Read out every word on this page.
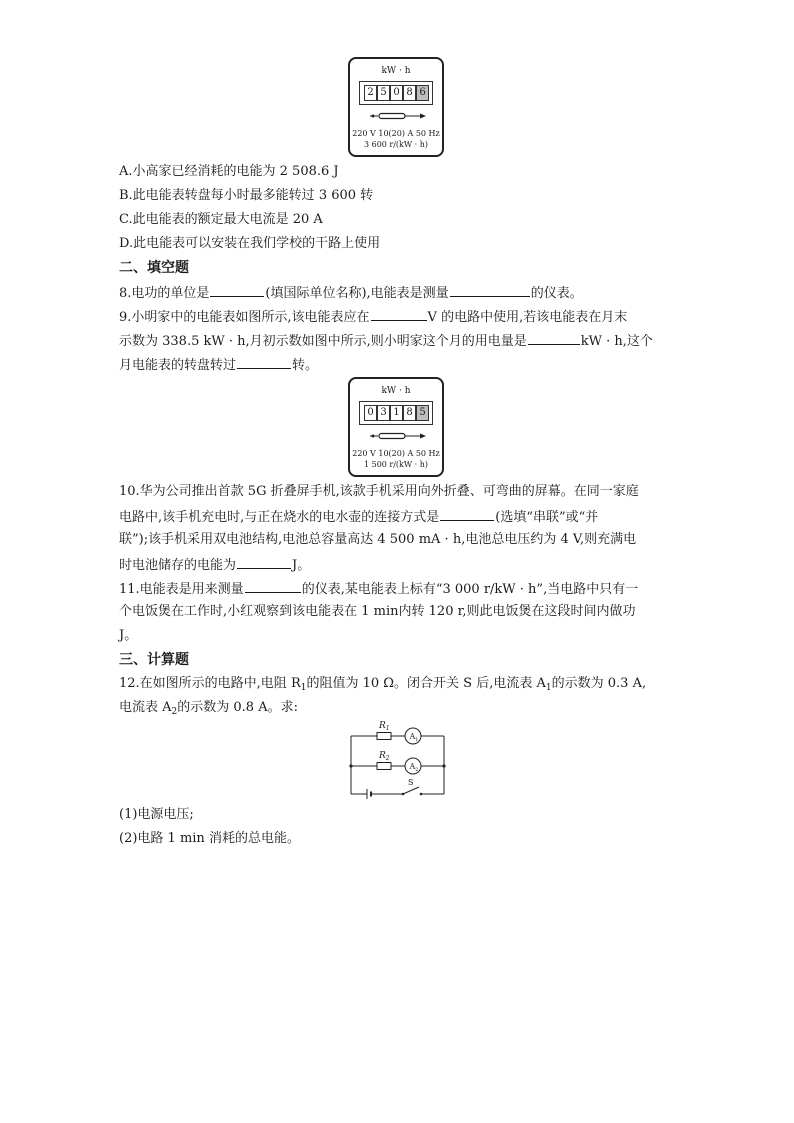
kW · h
2 5 0 8 6
220 V 10(20) A 50 Hz
3 600 r/(kW · h)
A.小高家已经消耗的电能为 2 508.6 J
B.此电能表转盘每小时最多能转过 3 600 转
C.此电能表的额定最大电流是 20 A
D.此电能表可以安装在我们学校的干路上使用
二、填空题
8.电功的单位是	(填国际单位名称),电能表是测量	的仪表。
9.小明家中的电能表如图所示,该电能表应在	V 的电路中使用,若该电能表在月末
示数为 338.5 kW · h,月初示数如图中所示,则小明家这个月的用电量是	kW · h,这个
月电能表的转盘转过	转。
kW · h
0 3 1 8 5
220 V 10(20) A 50 Hz
1 500 r/(kW · h)
10.华为公司推出首款 5G 折叠屏手机,该款手机采用向外折叠、可弯曲的屏幕。在同一家庭
电路中,该手机充电时,与正在烧水的电水壶的连接方式是	(选填“串联”或“并
联”);该手机采用双电池结构,电池总容量高达 4 500 mA · h,电池总电压约为 4 V,则充满电
时电池储存的电能为	J。
11.电能表是用来测量	的仪表,某电能表上标有“3 000 r/kW · h”,当电路中只有一
个电饭煲在工作时,小红观察到该电能表在 1 min内转 120 r,则此电饭煲在这段时间内做功
J。
三、计算题
12.在如图所示的电路中,电阻 $R_1$的阻值为 10 Ω。闭合开关 S 后,电流表 $A_1$的示数为 0.3 A,
电流表 $A_2$的示数为 0.8 A。求:
$R_1$
$R_2$
$A_1$
$A_2$
S
(1)电源电压;
(2)电路 1 min 消耗的总电能。
